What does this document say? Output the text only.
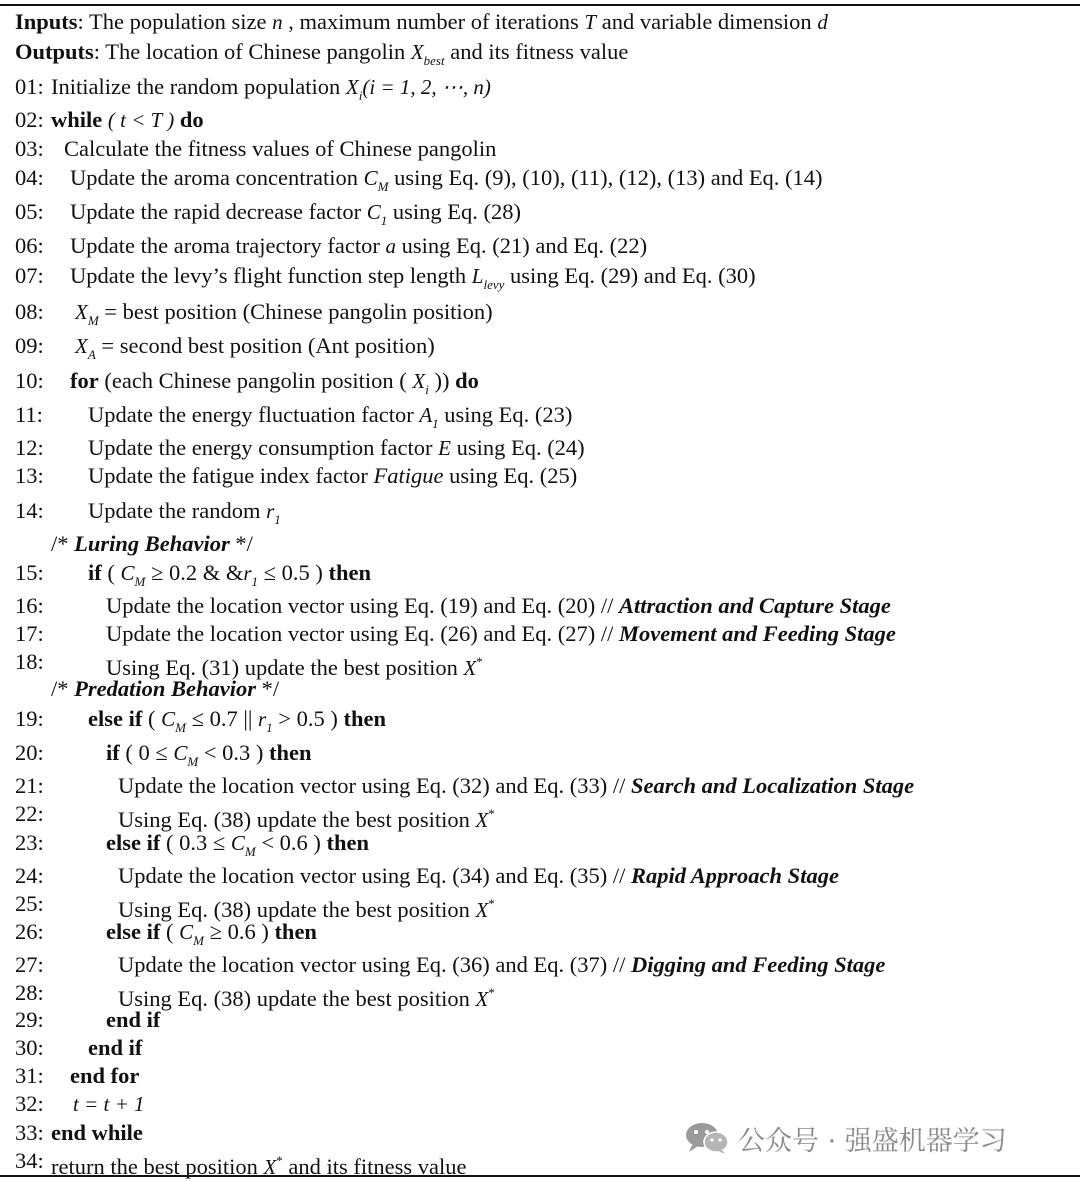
Inputs: The population size n , maximum number of iterations T and variable dimension d
Outputs: The location of Chinese pangolin $X_{best}$ and its fitness value
01: Initialize the random population $X_i(i = 1$, 2, ⋯, n)
02: while ( t < T ) do
03: Calculate the fitness values of Chinese pangolin
04: Update the aroma concentration $C_M$ using Eq. (9), (10), (11), (12), (13) and Eq. (14)
05: Update the rapid decrease factor $C_1$ using Eq. (28)
06: Update the aroma trajectory factor a using Eq. (21) and Eq. (22)
07: Update the levy’s flight function step length $L_{levy}$ using Eq. (29) and Eq. (30)
08: $X_M$ = best position (Chinese pangolin position)
09: $X_A$ = second best position (Ant position)
10: for (each Chinese pangolin position ( $X_i$ )) do
11: Update the energy fluctuation factor $A_1$ using Eq. (23)
12: Update the energy consumption factor E using Eq. (24)
13: Update the fatigue index factor Fatigue using Eq. (25)
14: Update the random $r_1$
/* Luring Behavior */
15: if ( $C_M \ge 0.2$ & $\&r_1 \le 0.5$ ) then
16:	Update the location vector using Eq. (19) and Eq. (20) // Attraction and Capture Stage
17:	Update the location vector using Eq. (26) and Eq. (27) // Movement and Feeding Stage
18:	Using Eq. (31) update the best position X*
/* Predation Behavior */
19: else if ( $C_M \le 0.7$ || $r_1 > 0.5$ ) then
20:	if ( $0 \le C_M < 0.3$ ) then
21:	Update the location vector using Eq. (32) and Eq. (33) // Search and Localization Stage
22:	Using Eq. (38) update the best position X*
23:	else if ( $0.3 \le C_M < 0.6$ ) then
24:	Update the location vector using Eq. (34) and Eq. (35) // Rapid Approach Stage
25:	Using Eq. (38) update the best position X*
26:	else if ( $C_M \ge 0.6$ ) then
27:	Update the location vector using Eq. (36) and Eq. (37) // Digging and Feeding Stage
28:	Using Eq. (38) update the best position X*
29:	end if
30: end if
31: end for
32: t = t + 1
33: end while
34: return the best position X* and its fitness value
公众号 · 强盛机器学习
